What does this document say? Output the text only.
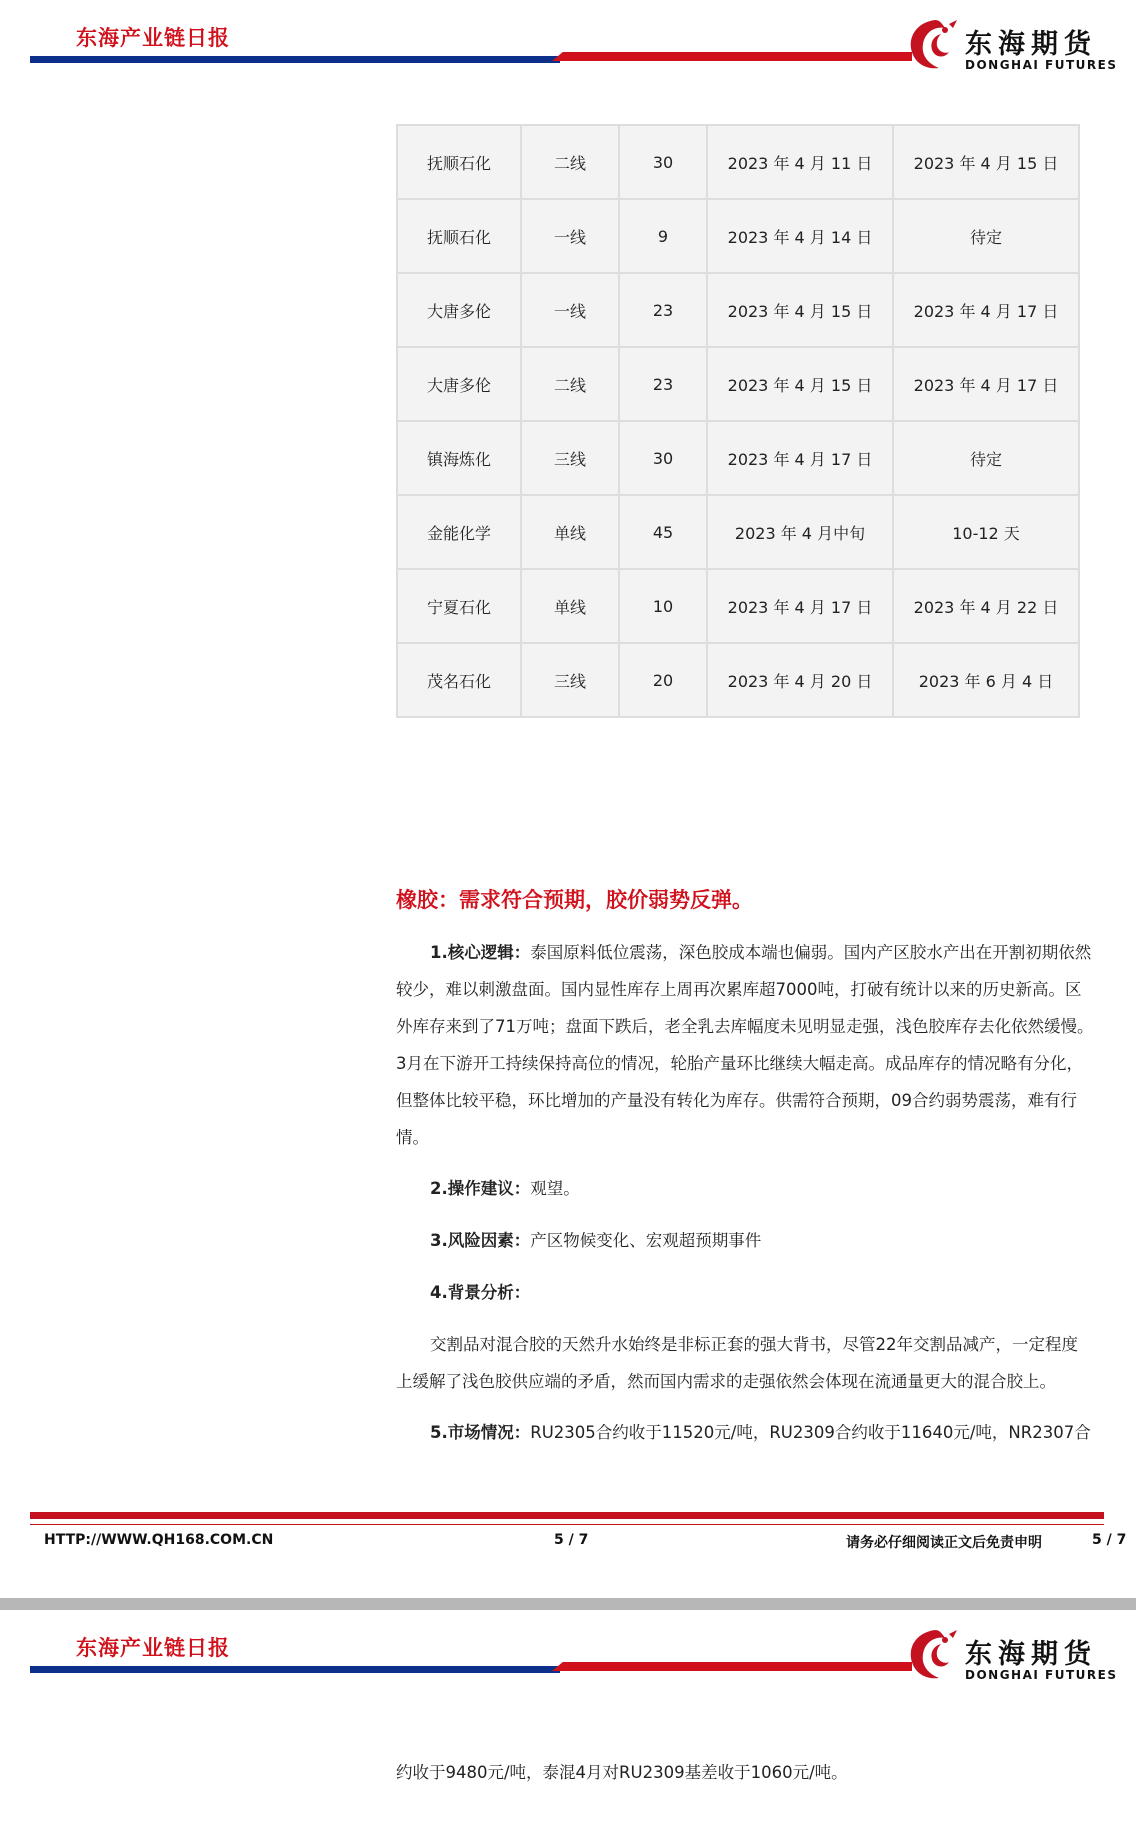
东海产业链日报	东海期货
DONGHAI FUTURES
抚顺石化	二线	30	2023 年 4 月 11 日	2023 年 4 月 15 日
抚顺石化	一线	9	2023 年 4 月 14 日	待定
大唐多伦	一线	23	2023 年 4 月 15 日	2023 年 4 月 17 日
大唐多伦	二线	23	2023 年 4 月 15 日	2023 年 4 月 17 日
镇海炼化	三线	30	2023 年 4 月 17 日	待定
金能化学	单线	45	2023 年 4 月中旬	10-12 天
宁夏石化	单线	10	2023 年 4 月 17 日	2023 年 4 月 22 日
茂名石化	三线	20	2023 年 4 月 20 日	2023 年 6 月 4 日
橡胶：需求符合预期，胶价弱势反弹。
1.核心逻辑：泰国原料低位震荡，深色胶成本端也偏弱。国内产区胶水产出在开割初期依然较少，难以刺激盘面。国内显性库存上周再次累库超7000吨，打破有统计以来的历史新高。区外库存来到了71万吨；盘面下跌后，老全乳去库幅度未见明显走强，浅色胶库存去化依然缓慢。3月在下游开工持续保持高位的情况，轮胎产量环比继续大幅走高。成品库存的情况略有分化，但整体比较平稳，环比增加的产量没有转化为库存。供需符合预期，09合约弱势震荡，难有行情。
2.操作建议：观望。
3.风险因素：产区物候变化、宏观超预期事件
4.背景分析：
交割品对混合胶的天然升水始终是非标正套的强大背书，尽管22年交割品减产，一定程度上缓解了浅色胶供应端的矛盾，然而国内需求的走强依然会体现在流通量更大的混合胶上。
5.市场情况：RU2305合约收于11520元/吨，RU2309合约收于11640元/吨，NR2307合
HTTP://WWW.QH168.COM.CN	5 / 7	请务必仔细阅读正文后免责申明	5 / 7
东海产业链日报	东海期货
DONGHAI FUTURES
约收于9480元/吨，泰混4月对RU2309基差收于1060元/吨。
